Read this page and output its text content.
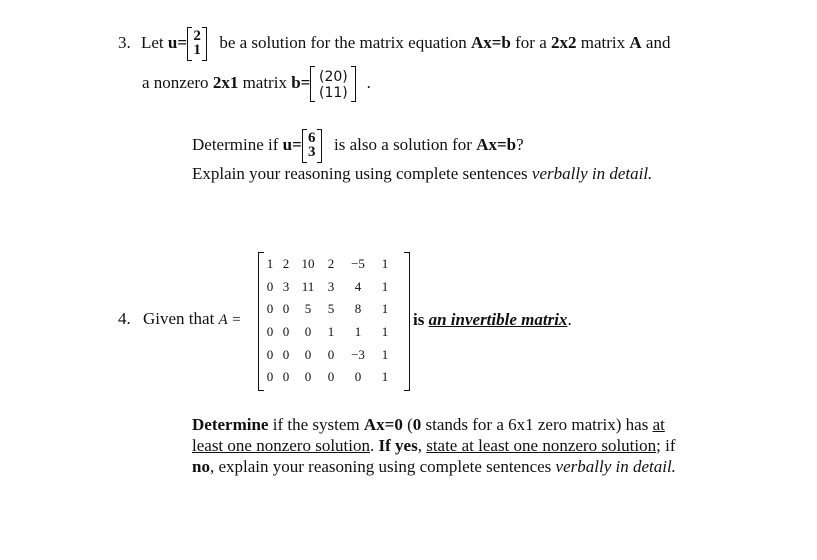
3. Let u= 2
1 be a solution for the matrix equation Ax=b for a 2x2 matrix A and
a nonzero 2x1 matrix b= (20)
(11)
.
Determine if u= 6
3 is also a solution for Ax=b?
Explain your reasoning using complete sentences verbally in detail.
4. Given that A =
1	2	10	2	−5	1
0	3	11	3	4	1
0	0	5	5	8	1
0	0	0	1	1	1
0	0	0	0	−3	1
0	0	0	0	0	1
is an invertible matrix.
Determine if the system Ax=0 (0 stands for a 6x1 zero matrix) has at
least one nonzero solution. If yes, state at least one nonzero solution; if
no, explain your reasoning using complete sentences verbally in detail.
